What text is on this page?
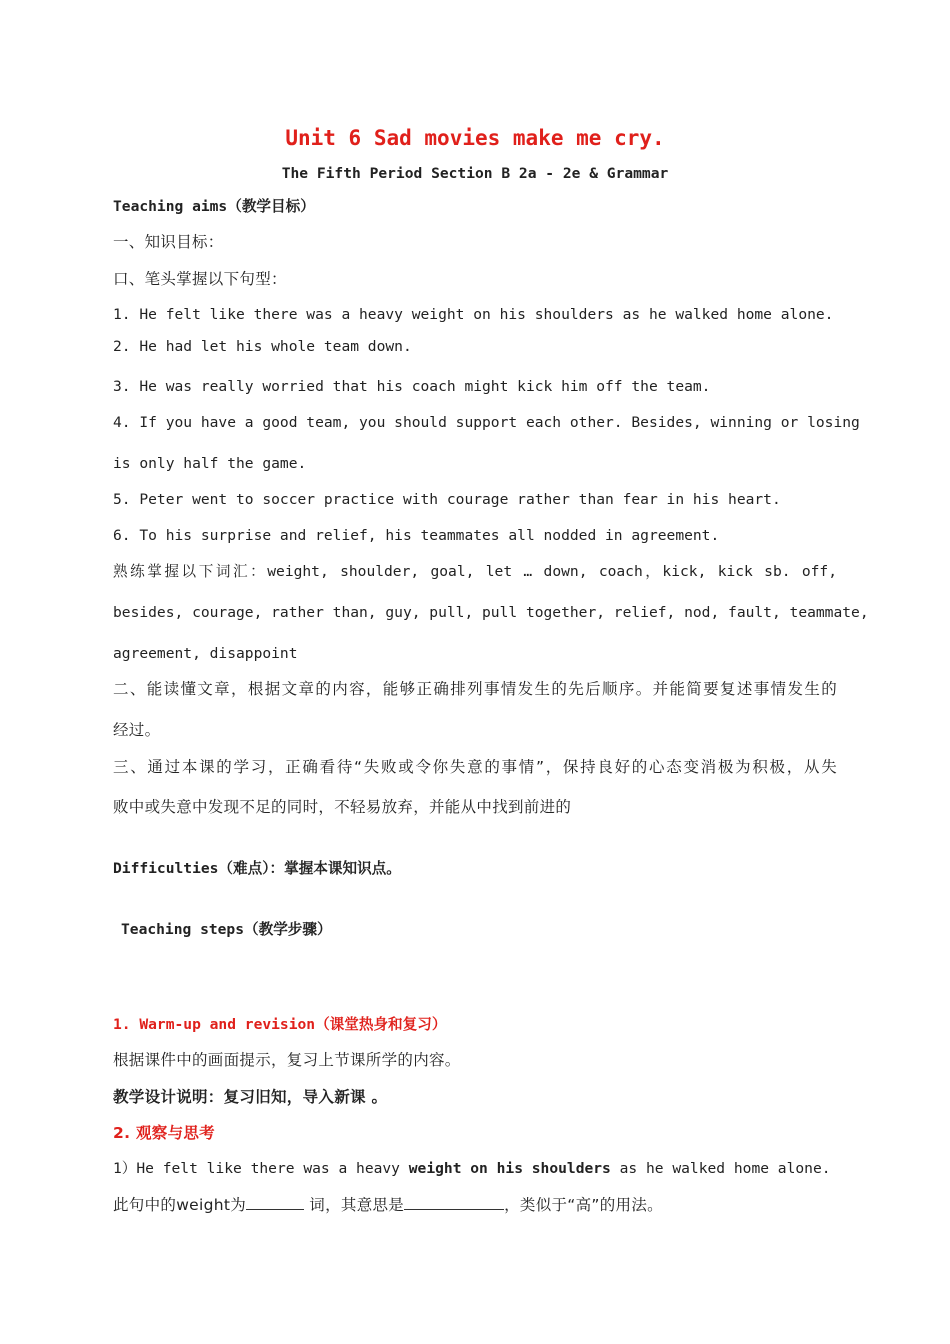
Unit 6 Sad movies make me cry.
The Fifth Period Section B 2a - 2e & Grammar
Teaching aims（教学目标）
一、知识目标：
口、笔头掌握以下句型：
1. He felt like there was a heavy weight on his shoulders as he walked home alone.
2. He had let his whole team down.
3. He was really worried that his coach might kick him off the team.
4. If you have a good team, you should support each other. Besides, winning or losing
is only half the game.
5. Peter went to soccer practice with courage rather than fear in his heart.
6. To his surprise and relief, his teammates all nodded in agreement.
熟练掌握以下词汇：weight, shoulder, goal, let … down, coach，kick, kick sb. off,
besides, courage, rather than, guy, pull, pull together, relief, nod, fault, teammate,
agreement, disappoint
二、能读懂文章，根据文章的内容，能够正确排列事情发生的先后顺序。并能简要复述事情发生的
经过。
三、通过本课的学习，正确看待“失败或令你失意的事情”，保持良好的心态变消极为积极，从失
败中或失意中发现不足的同时，不轻易放弃，并能从中找到前进的
Difficulties（难点）：掌握本课知识点。
Teaching steps（教学步骤）
1. Warm-up and revision（课堂热身和复习）
根据课件中的画面提示，复习上节课所学的内容。
教学设计说明：复习旧知，导入新课 。
2. 观察与思考
1）He felt like there was a heavy weight on his shoulders as he walked home alone.
此句中的weight为	词，其意思是	，类似于“高”的用法。
